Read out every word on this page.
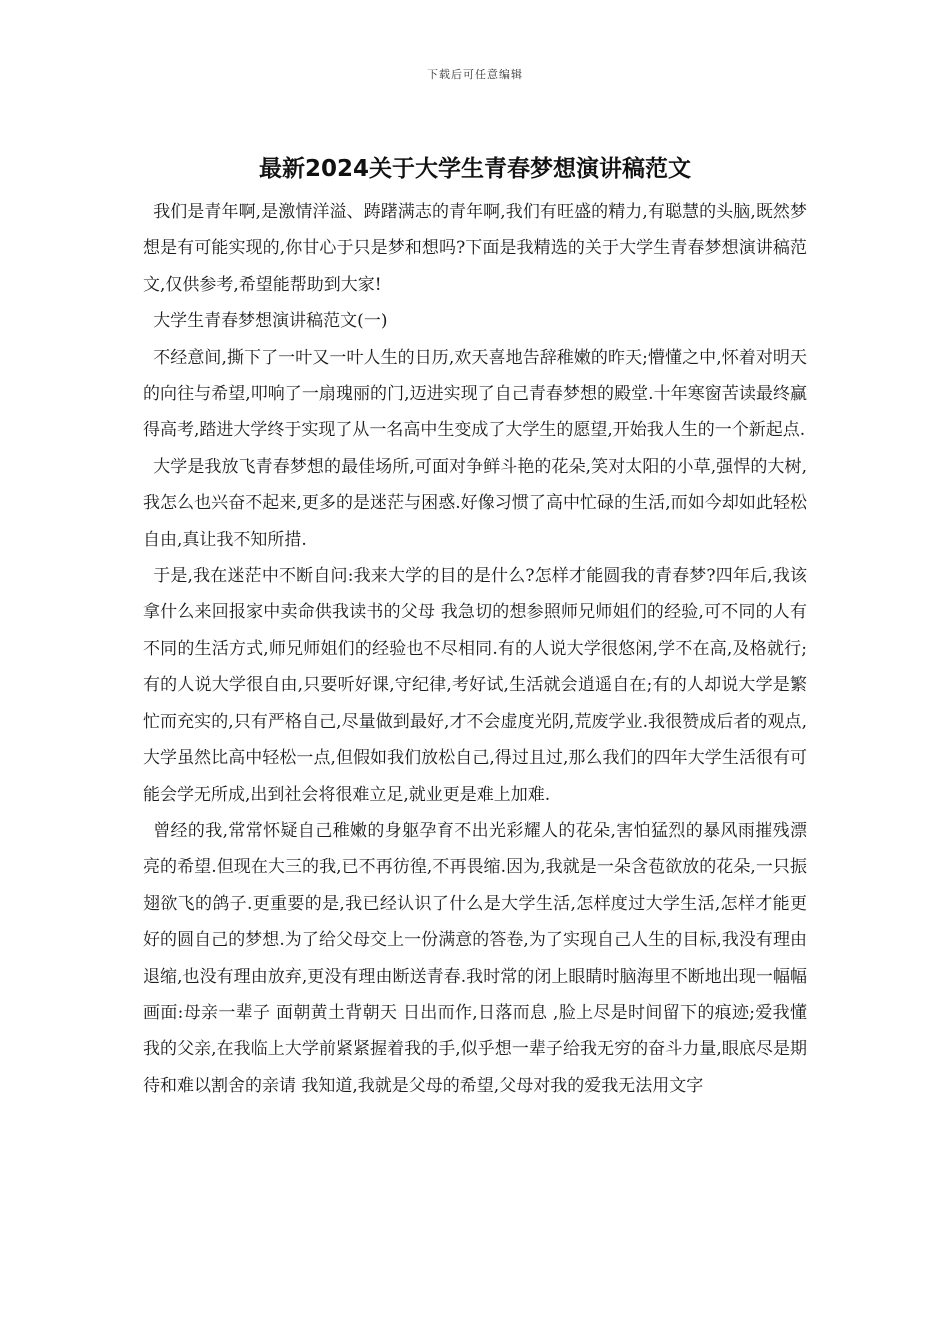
下载后可任意编辑
最新2024关于大学生青春梦想演讲稿范文

我们是青年啊,是激情洋溢、踌躇满志的青年啊,我们有旺盛的精力,有聪慧的头脑,既然梦想是有可能实现的,你甘心于只是梦和想吗?下面是我精选的关于大学生青春梦想演讲稿范文,仅供参考,希望能帮助到大家!

大学生青春梦想演讲稿范文(一)

不经意间,撕下了一叶又一叶人生的日历,欢天喜地告辞稚嫩的昨天;懵懂之中,怀着对明天的向往与希望,叩响了一扇瑰丽的门,迈进实现了自己青春梦想的殿堂.十年寒窗苦读最终赢得高考,踏进大学终于实现了从一名高中生变成了大学生的愿望,开始我人生的一个新起点.

大学是我放飞青春梦想的最佳场所,可面对争鲜斗艳的花朵,笑对太阳的小草,强悍的大树,我怎么也兴奋不起来,更多的是迷茫与困惑.好像习惯了高中忙碌的生活,而如今却如此轻松自由,真让我不知所措.

于是,我在迷茫中不断自问:我来大学的目的是什么?怎样才能圆我的青春梦?四年后,我该拿什么来回报家中卖命供我读书的父母 我急切的想参照师兄师姐们的经验,可不同的人有不同的生活方式,师兄师姐们的经验也不尽相同.有的人说大学很悠闲,学不在高,及格就行;有的人说大学很自由,只要听好课,守纪律,考好试,生活就会逍遥自在;有的人却说大学是繁忙而充实的,只有严格自己,尽量做到最好,才不会虚度光阴,荒废学业.我很赞成后者的观点,大学虽然比高中轻松一点,但假如我们放松自己,得过且过,那么我们的四年大学生活很有可能会学无所成,出到社会将很难立足,就业更是难上加难.

曾经的我,常常怀疑自己稚嫩的身躯孕育不出光彩耀人的花朵,害怕猛烈的暴风雨摧残漂亮的希望.但现在大三的我,已不再彷徨,不再畏缩.因为,我就是一朵含苞欲放的花朵,一只振翅欲飞的鸽子.更重要的是,我已经认识了什么是大学生活,怎样度过大学生活,怎样才能更好的圆自己的梦想.为了给父母交上一份满意的答卷,为了实现自己人生的目标,我没有理由退缩,也没有理由放弃,更没有理由断送青春.我时常的闭上眼睛时脑海里不断地出现一幅幅画面:母亲一辈子 面朝黄土背朝天 日出而作,日落而息 ,脸上尽是时间留下的痕迹;爱我懂我的父亲,在我临上大学前紧紧握着我的手,似乎想一辈子给我无穷的奋斗力量,眼底尽是期待和难以割舍的亲请 我知道,我就是父母的希望,父母对我的爱我无法用文字
